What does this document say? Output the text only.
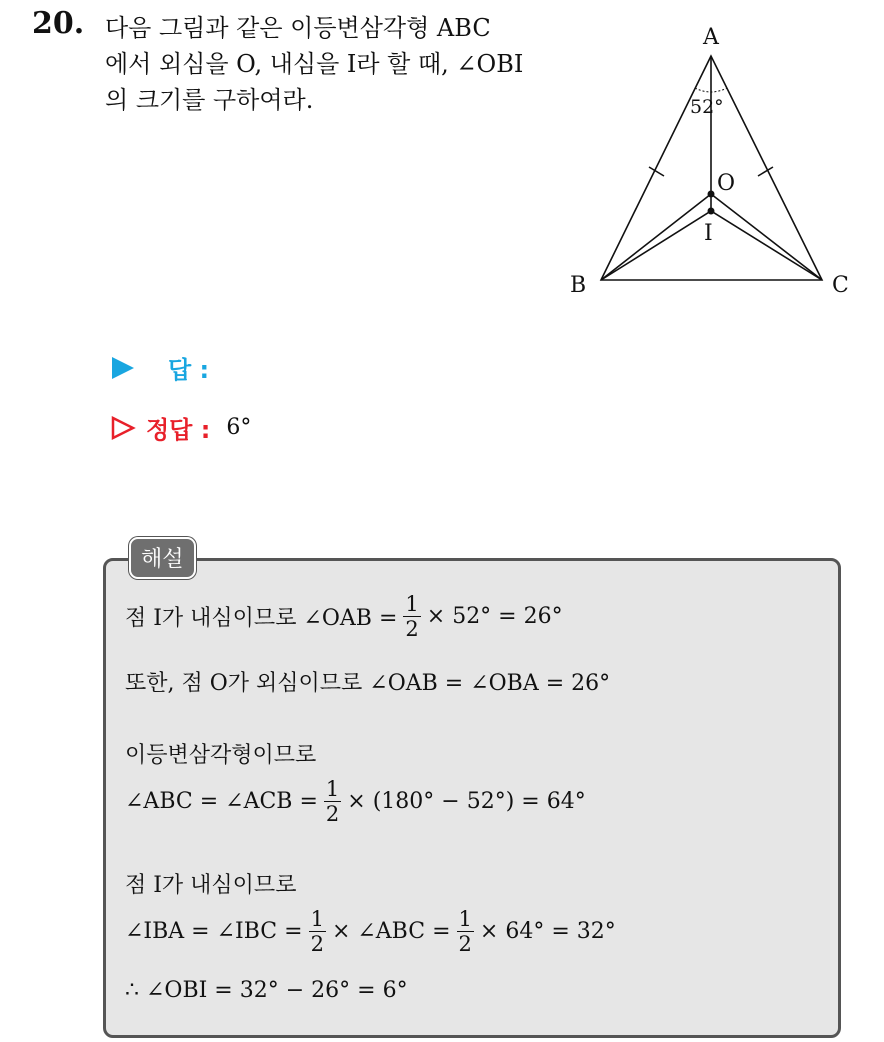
20. 다음 그림과 같은 이등변삼각형 ABC
에서 외심을 O, 내심을 I라 할 때, ∠OBI
의 크기를 구하여라.
A
B	C
O
I
52°
답 :
정답 : 6°
해설
점 I가 내심이므로 ∠OAB = $\frac{1}{2} \times 52^\circ = 26^\circ$
또한, 점 O가 외심이므로 ∠OAB = ∠OBA = 26°
이등변삼각형이므로
∠ABC = ∠ACB = $\frac{1}{2} \times (180^\circ - 52^\circ) = 64^\circ$
점 I가 내심이므로
∠IBA = ∠IBC = $\frac{1}{2}$ × ∠ABC = $\frac{1}{2} \times 64^\circ = 32^\circ$
∴ ∠OBI = 32° − 26° = 6°
